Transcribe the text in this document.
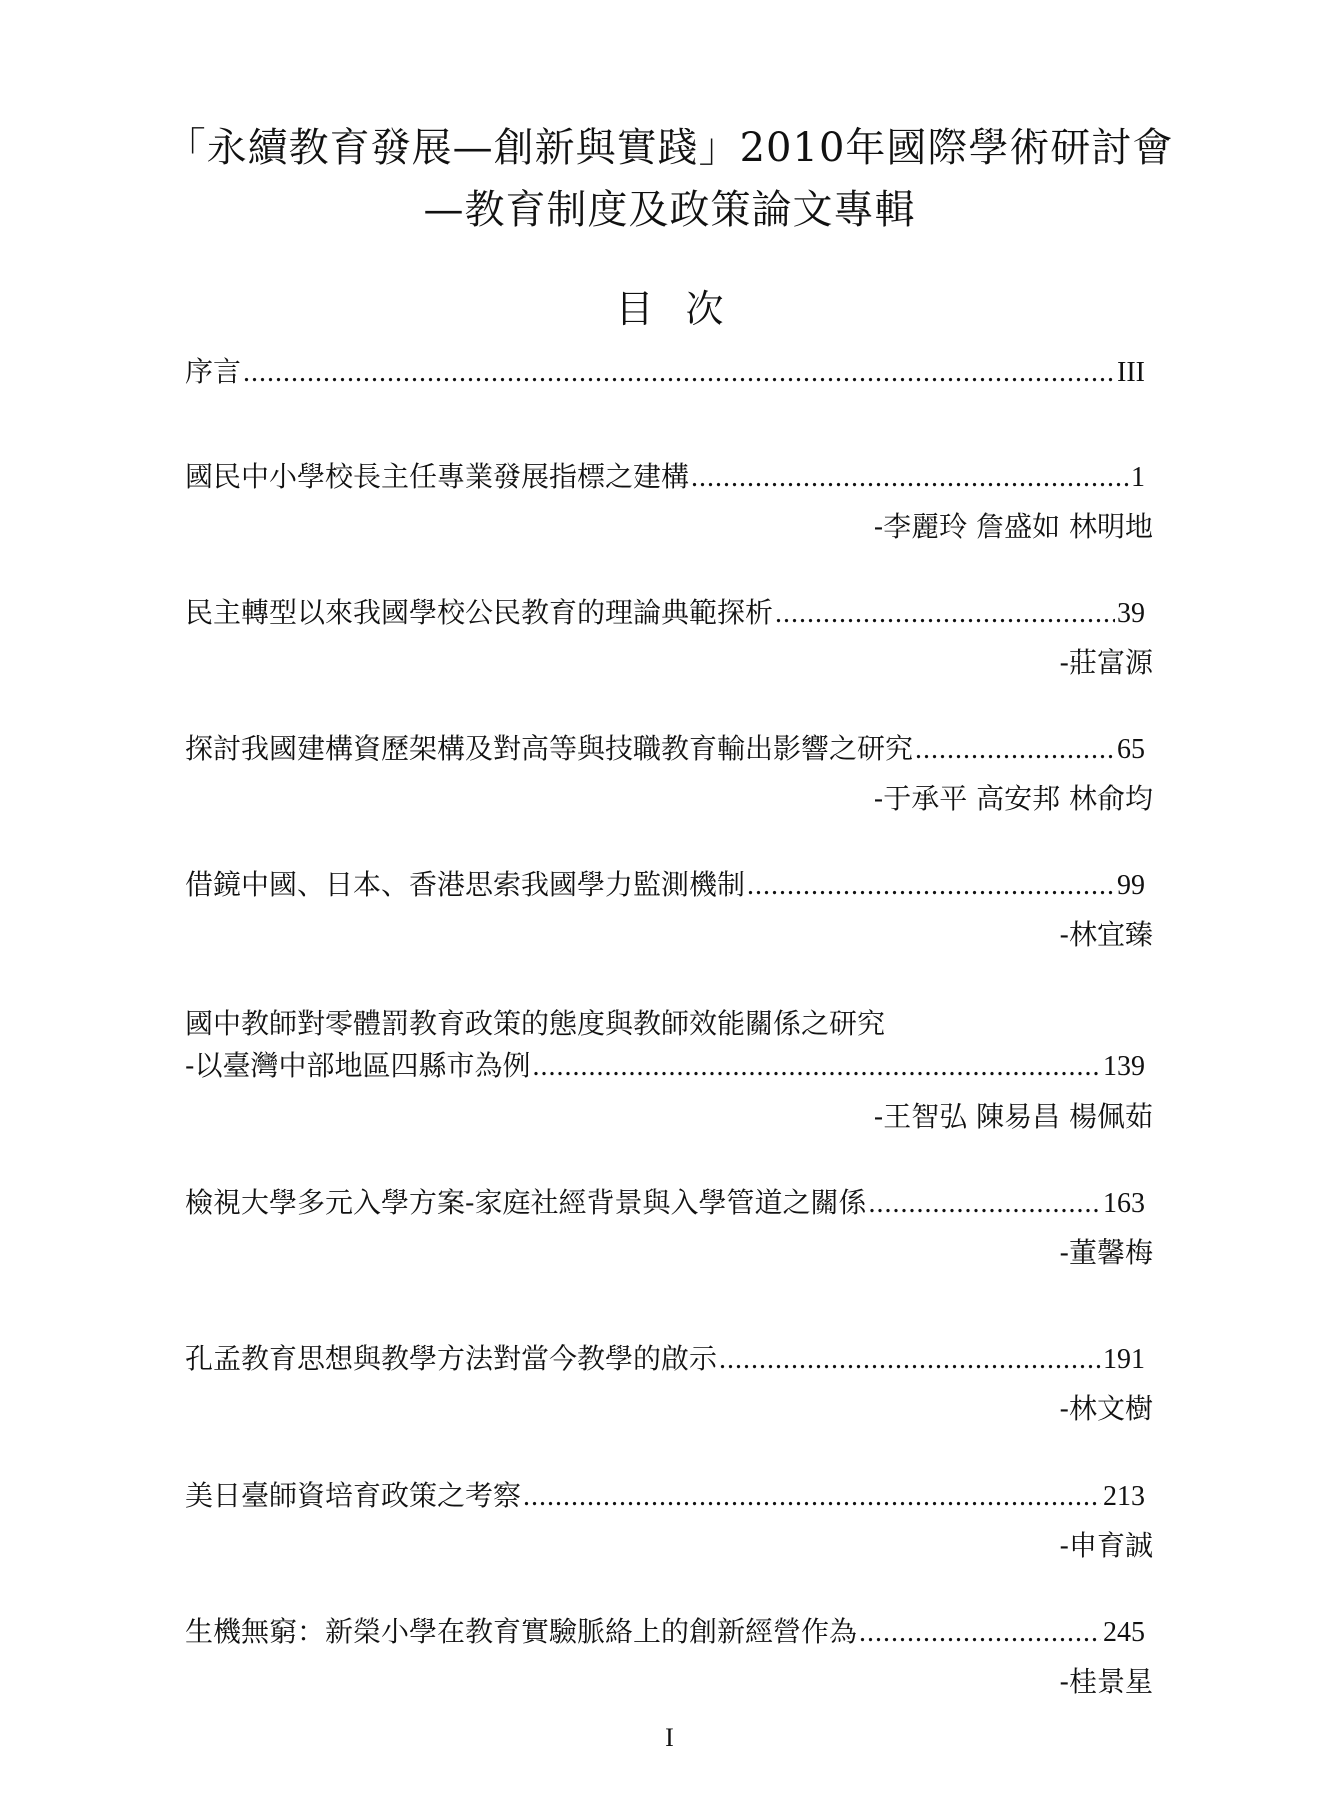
「永續教育發展—創新與實踐」2010年國際學術研討會
—教育制度及政策論文專輯
目次
序言 .....	III
國民中小學校長主任專業發展指標之建構 .....	1
-李麗玲 詹盛如 林明地
民主轉型以來我國學校公民教育的理論典範探析 .....	39
-莊富源
探討我國建構資歷架構及對高等與技職教育輸出影響之研究 .....	65
-于承平 高安邦 林俞均
借鏡中國、日本、香港思索我國學力監測機制 .....	99
-林宜臻
國中教師對零體罰教育政策的態度與教師效能關係之研究
-以臺灣中部地區四縣市為例 .....	139
-王智弘 陳易昌 楊佩茹
檢視大學多元入學方案-家庭社經背景與入學管道之關係 .....	163
-董馨梅
孔孟教育思想與教學方法對當今教學的啟示 .....	191
-林文樹
美日臺師資培育政策之考察 .....	213
-申育誠
生機無窮：新榮小學在教育實驗脈絡上的創新經營作為 .....	245
-桂景星
I
